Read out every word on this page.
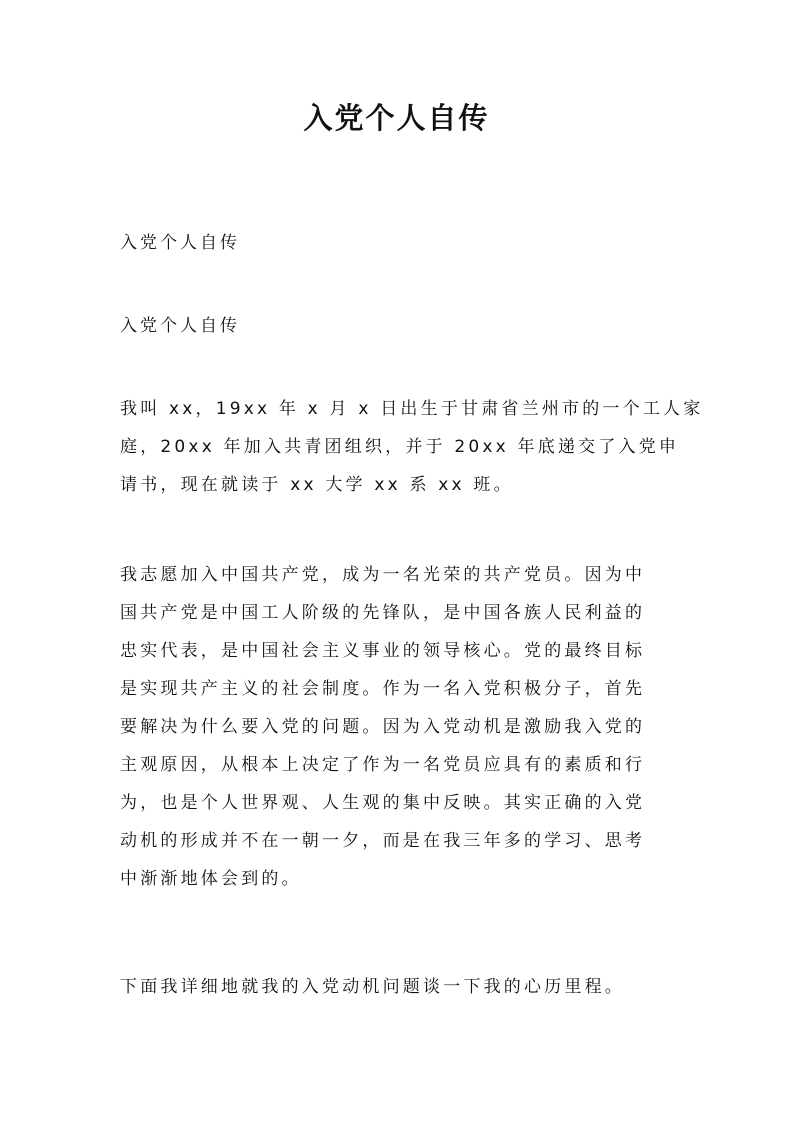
入党个人自传

入党个人自传

入党个人自传

我叫 xx，19xx 年 x 月 x 日出生于甘肃省兰州市的一个工人家
庭，20xx 年加入共青团组织，并于 20xx 年底递交了入党申
请书，现在就读于 xx 大学 xx 系 xx 班。
我志愿加入中国共产党，成为一名光荣的共产党员。因为中
国共产党是中国工人阶级的先锋队，是中国各族人民利益的
忠实代表，是中国社会主义事业的领导核心。党的最终目标
是实现共产主义的社会制度。作为一名入党积极分子，首先
要解决为什么要入党的问题。因为入党动机是激励我入党的
主观原因，从根本上决定了作为一名党员应具有的素质和行
为，也是个人世界观、人生观的集中反映。其实正确的入党
动机的形成并不在一朝一夕，而是在我三年多的学习、思考
中渐渐地体会到的。
下面我详细地就我的入党动机问题谈一下我的心历里程。
